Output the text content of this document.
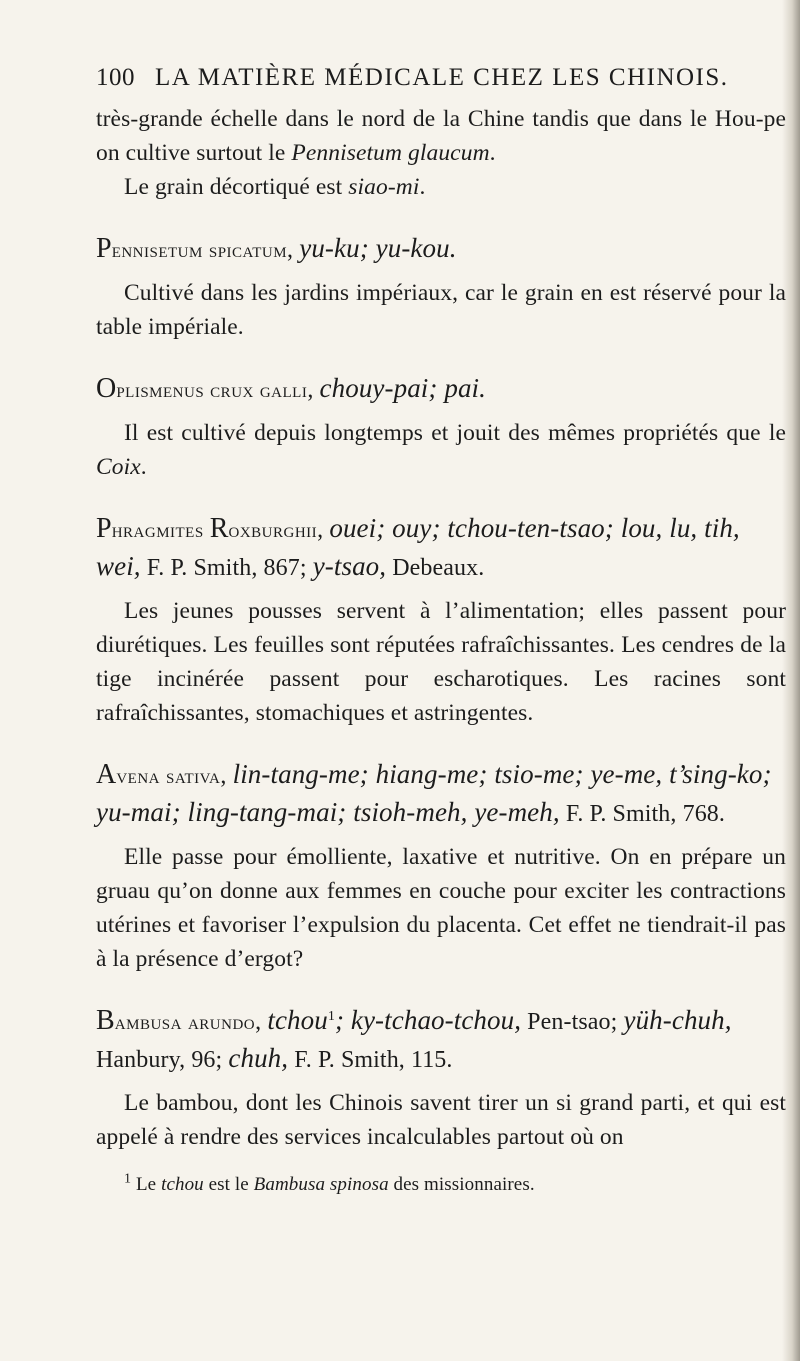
100 LA MATIÈRE MÉDICALE CHEZ LES CHINOIS.

très-grande échelle dans le nord de la Chine tandis que dans le Hou-pe on cultive surtout le Pennisetum glaucum.

Le grain décortiqué est siao-mi.

Pennisetum spicatum, yu-ku; yu-kou.

Cultivé dans les jardins impériaux, car le grain en est réservé pour la table impériale.

Oplismenus crux galli, chouy-pai; pai.

Il est cultivé depuis longtemps et jouit des mêmes propriétés que le Coix.

Phragmites Roxburghii, ouei; ouy; tchou-ten-tsao; lou, lu, tih, wei, F. P. Smith, 867; y-tsao, Debeaux.

Les jeunes pousses servent à l’alimentation; elles passent pour diurétiques. Les feuilles sont réputées rafraîchissantes. Les cendres de la tige incinérée passent pour escharotiques. Les racines sont rafraîchissantes, stomachiques et astringentes.

Avena sativa, lin-tang-me; hiang-me; tsio-me; ye-me, t’sing-ko; yu-mai; ling-tang-mai; tsioh-meh, ye-meh, F. P. Smith, 768.

Elle passe pour émolliente, laxative et nutritive. On en prépare un gruau qu’on donne aux femmes en couche pour exciter les contractions utérines et favoriser l’expulsion du placenta. Cet effet ne tiendrait-il pas à la présence d’ergot?

Bambusa arundo, tchou$^1$; ky-tchao-tchou, Pen-tsao; yüh-chuh, Hanbury, 96; chuh, F. P. Smith, 115.

Le bambou, dont les Chinois savent tirer un si grand parti, et qui est appelé à rendre des services incalculables partout où on

$^1$ Le tchou est le Bambusa spinosa des missionnaires.
